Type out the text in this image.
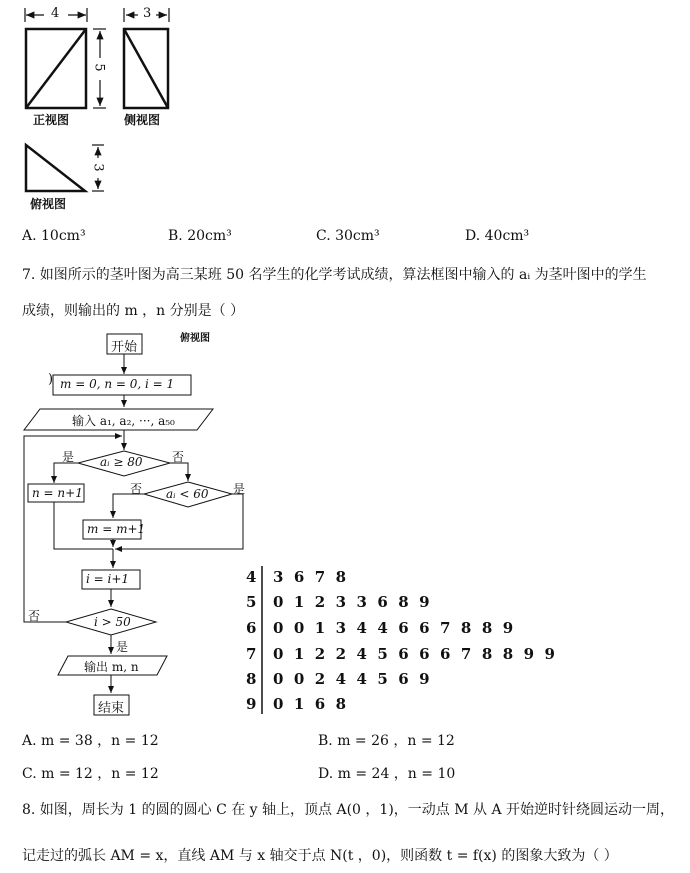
4	3
5
3
正视图	侧视图
俯视图
A. 10cm³	B. 20cm³	C. 30cm³	D. 40cm³
7. 如图所示的茎叶图为高三某班 50 名学生的化学考试成绩，算法框图中输入的 aᵢ 为茎叶图中的学生
成绩，则输出的 m ，n 分别是（ ）
俯视图
)
开始
m = 0, n = 0, i = 1
输入 a₁, a₂, ···, a₅₀
aᵢ ≥ 80
aᵢ < 60
n = n+1
m = m+1
i = i+1
i > 50
输出 m, n
结束
是	否
否	是
否
是
4 3  6  7  8
5 0  1  2  3  3  6  8  9
6 0  0  1  3  4  4  6  6  7  8  8  9
7 0  1  2  2  4  5  6  6  6  7  8  8  9  9
8 0  0  2  4  4  5  6  9
9 0  1  6  8
A. m = 38 ，n = 12	B. m = 26 ，n = 12
C. m = 12 ，n = 12	D. m = 24 ，n = 10
8. 如图，周长为 1 的圆的圆心 C 在 y 轴上，顶点 A(0 ，1)，一动点 M 从 A 开始逆时针绕圆运动一周，
记走过的弧长 AM = x，直线 AM 与 x 轴交于点 N(t ，0)，则函数 t = f(x) 的图象大致为（ ）
